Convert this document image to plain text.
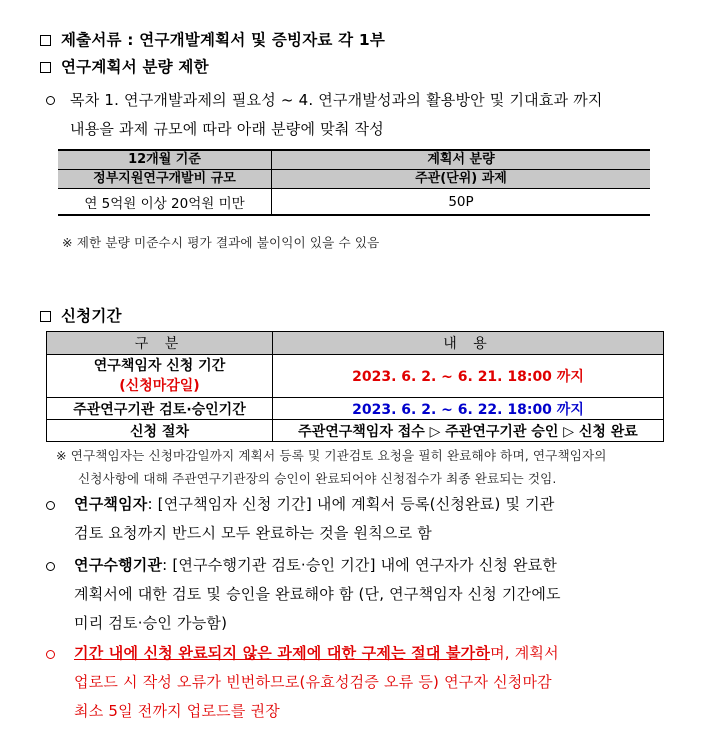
제출서류 : 연구개발계획서 및 증빙자료 각 1부
연구계획서 분량 제한
목차 1. 연구개발과제의 필요성 ~ 4. 연구개발성과의 활용방안 및 기대효과 까지
내용을 과제 규모에 따라 아래 분량에 맞춰 작성
12개월 기준	계획서 분량
정부지원연구개발비 규모	주관(단위) 과제
연 5억원 이상 20억원 미만	50P
※ 제한 분량 미준수시 평가 결과에 불이익이 있을 수 있음
신청기간
구 분	내 용

연구책임자 신청 기간
(신청마감일)	2023. 6. 2. ~ 6. 21. 18:00 까지
주관연구기관 검토·승인기간	2023. 6. 2. ~ 6. 22. 18:00 까지
신청 절차	주관연구책임자 접수 ▷ 주관연구기관 승인 ▷ 신청 완료
※ 연구책임자는 신청마감일까지 계획서 등록 및 기관검토 요청을 필히 완료해야 하며, 연구책임자의
신청사항에 대해 주관연구기관장의 승인이 완료되어야 신청접수가 최종 완료되는 것임.
연구책임자: [연구책임자 신청 기간] 내에 계획서 등록(신청완료) 및 기관
검토 요청까지 반드시 모두 완료하는 것을 원칙으로 함
연구수행기관: [연구수행기관 검토·승인 기간] 내에 연구자가 신청 완료한
계획서에 대한 검토 및 승인을 완료해야 함 (단, 연구책임자 신청 기간에도
미리 검토·승인 가능함)
기간 내에 신청 완료되지 않은 과제에 대한 구제는 절대 불가하며, 계획서
업로드 시 작성 오류가 빈번하므로(유효성검증 오류 등) 연구자 신청마감
최소 5일 전까지 업로드를 권장
